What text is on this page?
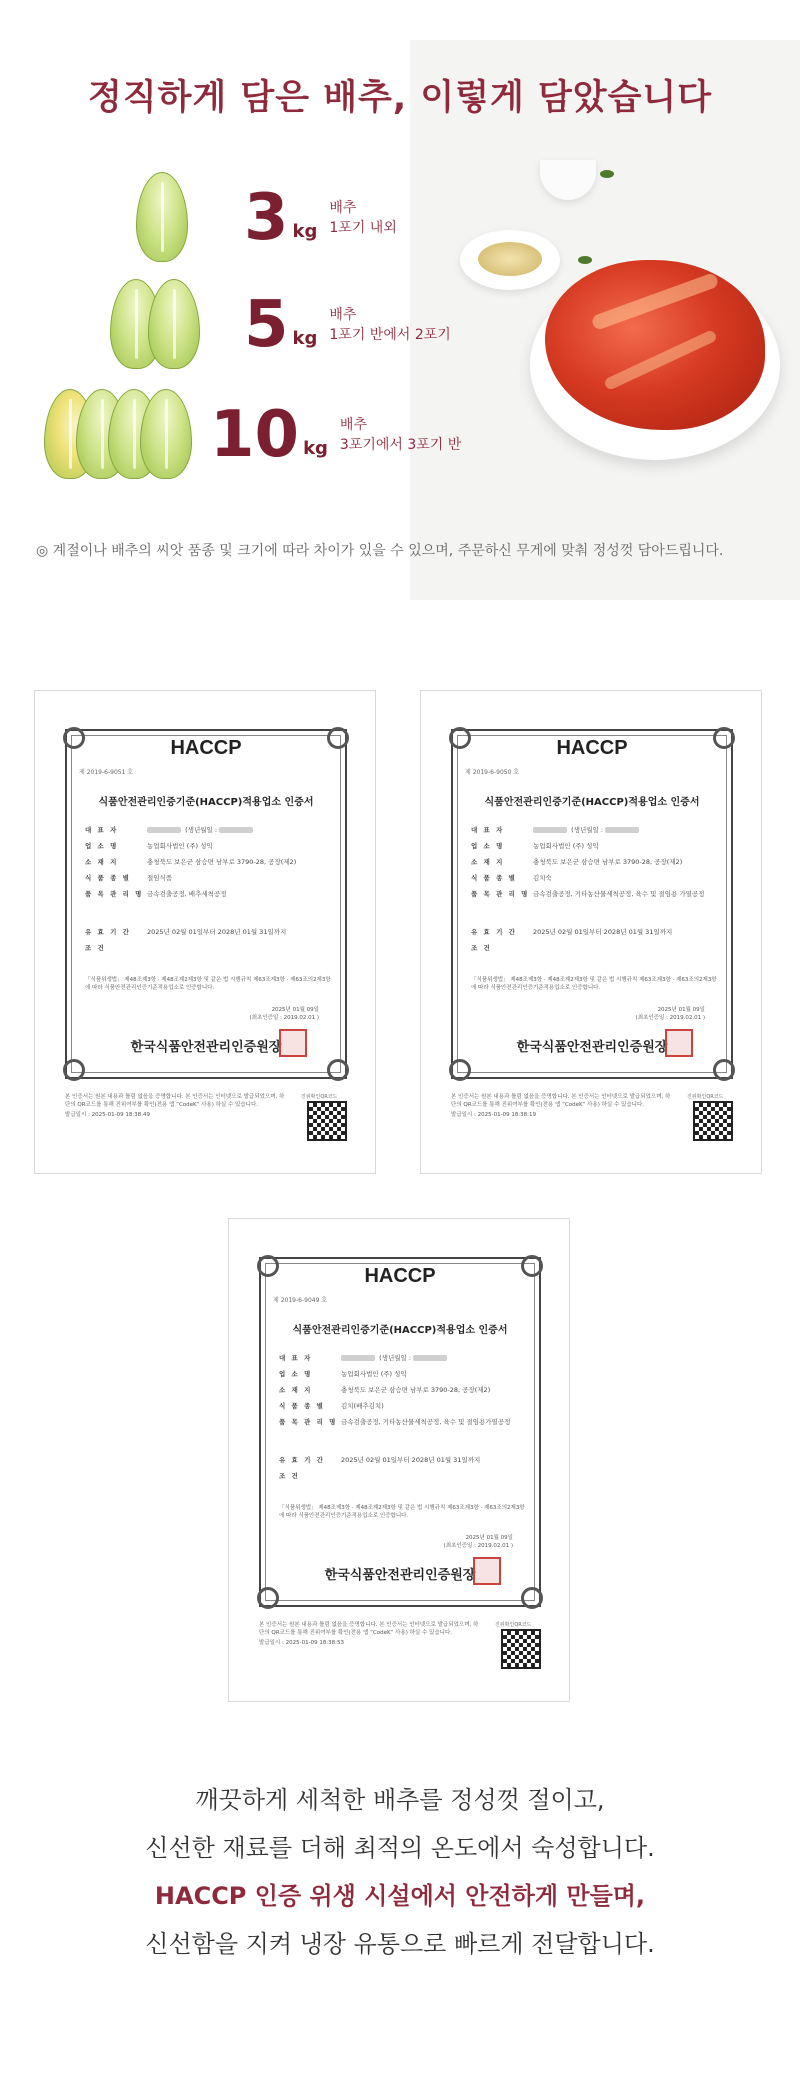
정직하게 담은 배추, 이렇게 담았습니다
3 kg
배추
1포기 내외
5 kg
배추
1포기 반에서 2포기
10 kg
배추
3포기에서 3포기 반

◎ 계절이나 배추의 씨앗 품종 및 크기에 따라 차이가 있을 수 있으며, 주문하신 무게에 맞춰 정성껏 담아드립니다.

HACCP
제 2019-6-9051 호
식품안전관리인증기준(HACCP)적용업소 인증서
대 표 자	(생년월일 :
업 소 명	농업회사법인 (주) 성익
소 재 지	충청북도 보은군 삼승면 남부로 3790-28, 공장(제2)
식 품 종 별	절임식품
품 목 관 리 명 금속검출공정, 배추세척공정
유 효 기 간	2025년 02월 01일부터 2028년 01월 31일까지
조 건
「식품위생법」 제48조제3항 · 제48조제2제3항 및 같은 법 시행규칙 제63조제3항 · 제63조의2제3항에 따라 식품안전관리인증기준적용업소로 인증합니다.
2025년 01월 09일
(최초인증일 : 2019.02.01 )
한국식품안전관리인증원장
본 인증서는 원본 내용과 틀림 없음을 증명합니다. 본 인증서는 인터넷으로 발급되었으며, 하단의 QR코드를 통해 진위여부를 확인(전용 앱 “CodeK” 사용) 하실 수 있습니다.
발급일시 : 2025-01-09 18:38:49
진위확인QR코드
HACCP
제 2019-6-9050 호
식품안전관리인증기준(HACCP)적용업소 인증서
대 표 자	(생년월일 :
업 소 명	농업회사법인 (주) 성익
소 재 지	충청북도 보은군 삼승면 남부로 3790-28, 공장(제2)
식 품 종 별	김치숙
품 목 관 리 명 금속검출공정, 기타농산물세척공정, 육수 및 절임용 가열공정
유 효 기 간	2025년 02월 01일부터 2028년 01월 31일까지
조 건
「식품위생법」 제48조제3항 · 제48조제2제3항 및 같은 법 시행규칙 제63조제3항 · 제63조의2제3항에 따라 식품안전관리인증기준적용업소로 인증합니다.
2025년 01월 09일
(최초인증일 : 2019.02.01 )
한국식품안전관리인증원장
본 인증서는 원본 내용과 틀림 없음을 증명합니다. 본 인증서는 인터넷으로 발급되었으며, 하단의 QR코드를 통해 진위여부를 확인(전용 앱 “CodeK” 사용) 하실 수 있습니다.
발급일시 : 2025-01-09 18:38:19
진위확인QR코드
HACCP
제 2019-6-9049 호
식품안전관리인증기준(HACCP)적용업소 인증서
대 표 자	(생년월일 :
업 소 명	농업회사법인 (주) 성익
소 재 지	충청북도 보은군 삼승면 남부로 3790-28, 공장(제2)
식 품 종 별	김치(배추김치)
품 목 관 리 명 금속검출공정, 기타농산물세척공정, 육수 및 절임용가열공정
유 효 기 간	2025년 02월 01일부터 2028년 01월 31일까지
조 건
「식품위생법」 제48조제3항 · 제48조제2제3항 및 같은 법 시행규칙 제63조제3항 · 제63조의2제3항에 따라 식품안전관리인증기준적용업소로 인증합니다.
2025년 01월 09일
(최초인증일 : 2019.02.01 )
한국식품안전관리인증원장
본 인증서는 원본 내용과 틀림 없음을 증명합니다. 본 인증서는 인터넷으로 발급되었으며, 하단의 QR코드를 통해 진위여부를 확인(전용 앱 “CodeK” 사용) 하실 수 있습니다.
발급일시 : 2025-01-09 18:38:53
진위확인QR코드

깨끗하게 세척한 배추를 정성껏 절이고,

신선한 재료를 더해 최적의 온도에서 숙성합니다.

HACCP 인증 위생 시설에서 안전하게 만들며,

신선함을 지켜 냉장 유통으로 빠르게 전달합니다.
